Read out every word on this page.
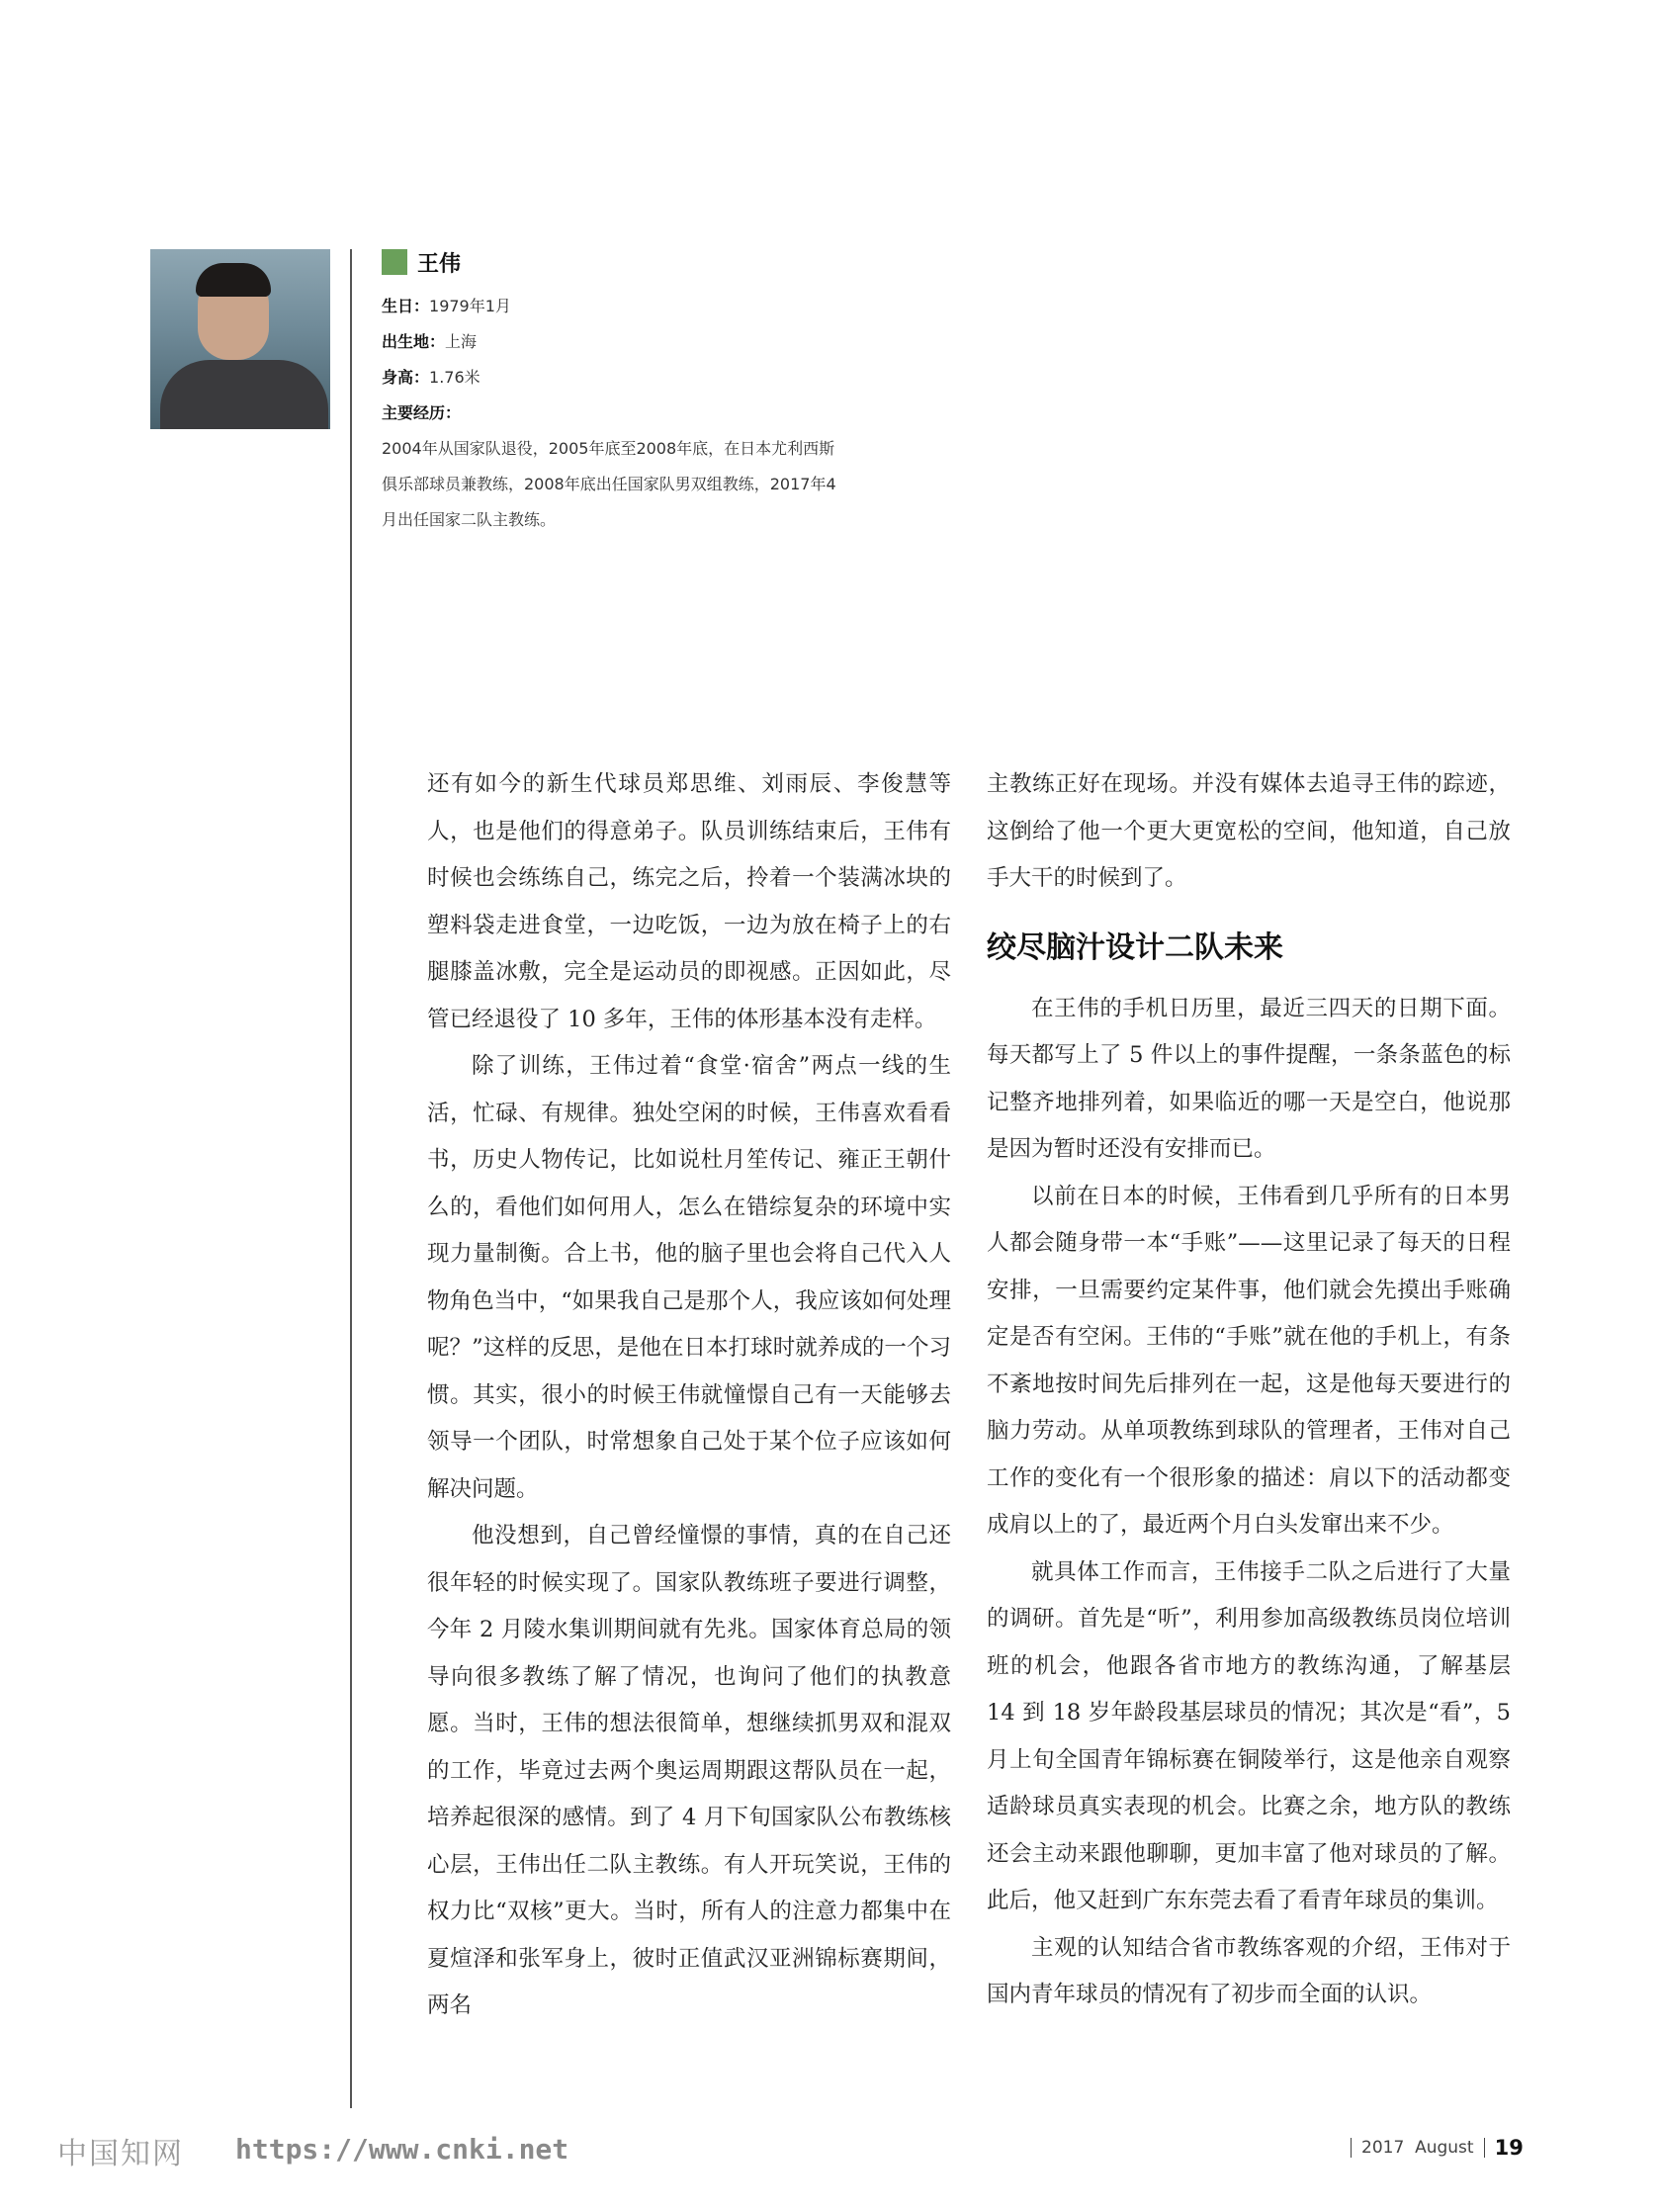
王伟
生日：1979年1月
出生地：上海
身高：1.76米
主要经历：
2004年从国家队退役，2005年底至2008年底，在日本尤利西斯俱乐部球员兼教练，2008年底出任国家队男双组教练，2017年4月出任国家二队主教练。

还有如今的新生代球员郑思维、刘雨辰、李俊慧等人，也是他们的得意弟子。队员训练结束后，王伟有时候也会练练自己，练完之后，拎着一个装满冰块的塑料袋走进食堂，一边吃饭，一边为放在椅子上的右腿膝盖冰敷，完全是运动员的即视感。正因如此，尽管已经退役了 10 多年，王伟的体形基本没有走样。

除了训练，王伟过着“食堂·宿舍”两点一线的生活，忙碌、有规律。独处空闲的时候，王伟喜欢看看书，历史人物传记，比如说杜月笙传记、雍正王朝什么的，看他们如何用人，怎么在错综复杂的环境中实现力量制衡。合上书，他的脑子里也会将自己代入人物角色当中，“如果我自己是那个人，我应该如何处理呢？”这样的反思，是他在日本打球时就养成的一个习惯。其实，很小的时候王伟就憧憬自己有一天能够去领导一个团队，时常想象自己处于某个位子应该如何解决问题。

他没想到，自己曾经憧憬的事情，真的在自己还很年轻的时候实现了。国家队教练班子要进行调整，今年 2 月陵水集训期间就有先兆。国家体育总局的领导向很多教练了解了情况，也询问了他们的执教意愿。当时，王伟的想法很简单，想继续抓男双和混双的工作，毕竟过去两个奥运周期跟这帮队员在一起，培养起很深的感情。到了 4 月下旬国家队公布教练核心层，王伟出任二队主教练。有人开玩笑说，王伟的权力比“双核”更大。当时，所有人的注意力都集中在夏煊泽和张军身上，彼时正值武汉亚洲锦标赛期间，两名

主教练正好在现场。并没有媒体去追寻王伟的踪迹，这倒给了他一个更大更宽松的空间，他知道，自己放手大干的时候到了。

绞尽脑汁设计二队未来

在王伟的手机日历里，最近三四天的日期下面。每天都写上了 5 件以上的事件提醒，一条条蓝色的标记整齐地排列着，如果临近的哪一天是空白，他说那是因为暂时还没有安排而已。

以前在日本的时候，王伟看到几乎所有的日本男人都会随身带一本“手账”——这里记录了每天的日程安排，一旦需要约定某件事，他们就会先摸出手账确定是否有空闲。王伟的“手账”就在他的手机上，有条不紊地按时间先后排列在一起，这是他每天要进行的脑力劳动。从单项教练到球队的管理者，王伟对自己工作的变化有一个很形象的描述：肩以下的活动都变成肩以上的了，最近两个月白头发窜出来不少。

就具体工作而言，王伟接手二队之后进行了大量的调研。首先是“听”，利用参加高级教练员岗位培训班的机会，他跟各省市地方的教练沟通，了解基层 14 到 18 岁年龄段基层球员的情况；其次是“看”，5 月上旬全国青年锦标赛在铜陵举行，这是他亲自观察适龄球员真实表现的机会。比赛之余，地方队的教练还会主动来跟他聊聊，更加丰富了他对球员的了解。此后，他又赶到广东东莞去看了看青年球员的集训。

主观的认知结合省市教练客观的介绍，王伟对于国内青年球员的情况有了初步而全面的认识。

中国知网 https://www.cnki.net	2017  August 19
